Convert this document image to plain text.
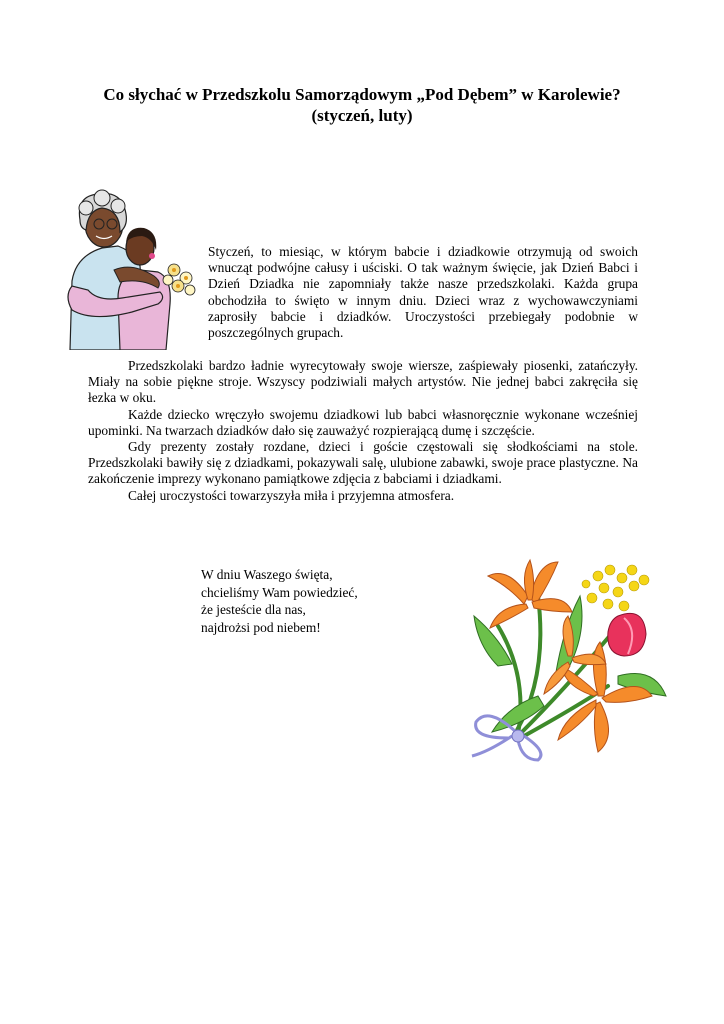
Co słychać w Przedszkolu Samorządowym „Pod Dębem” w Karolewie?
(styczeń, luty)
Styczeń, to miesiąc, w którym babcie i dziadkowie otrzymują od swoich wnucząt podwójne całusy i uściski. O tak ważnym święcie, jak Dzień Babci i Dzień Dziadka nie zapomniały także nasze przedszkolaki. Każda grupa obchodziła to święto w innym dniu. Dzieci wraz z wychowawczyniami zaprosiły babcie i dziadków. Uroczystości przebiegały podobnie w poszczególnych grupach.

Przedszkolaki bardzo ładnie wyrecytowały swoje wiersze, zaśpiewały piosenki, zatańczyły. Miały na sobie piękne stroje. Wszyscy podziwiali małych artystów. Nie jednej babci zakręciła się łezka w oku.

Każde dziecko wręczyło swojemu dziadkowi lub babci własnoręcznie wykonane wcześniej upominki. Na twarzach dziadków dało się zauważyć rozpierającą dumę i szczęście.

Gdy prezenty zostały rozdane, dzieci i goście częstowali się słodkościami na stole. Przedszkolaki bawiły się z dziadkami, pokazywali salę, ulubione zabawki, swoje prace plastyczne. Na zakończenie imprezy wykonano pamiątkowe zdjęcia z babciami i dziadkami.

Całej uroczystości towarzyszyła miła i przyjemna atmosfera.

W dniu Waszego święta,
chcieliśmy Wam powiedzieć,
że jesteście dla nas,
najdrożsi pod niebem!
